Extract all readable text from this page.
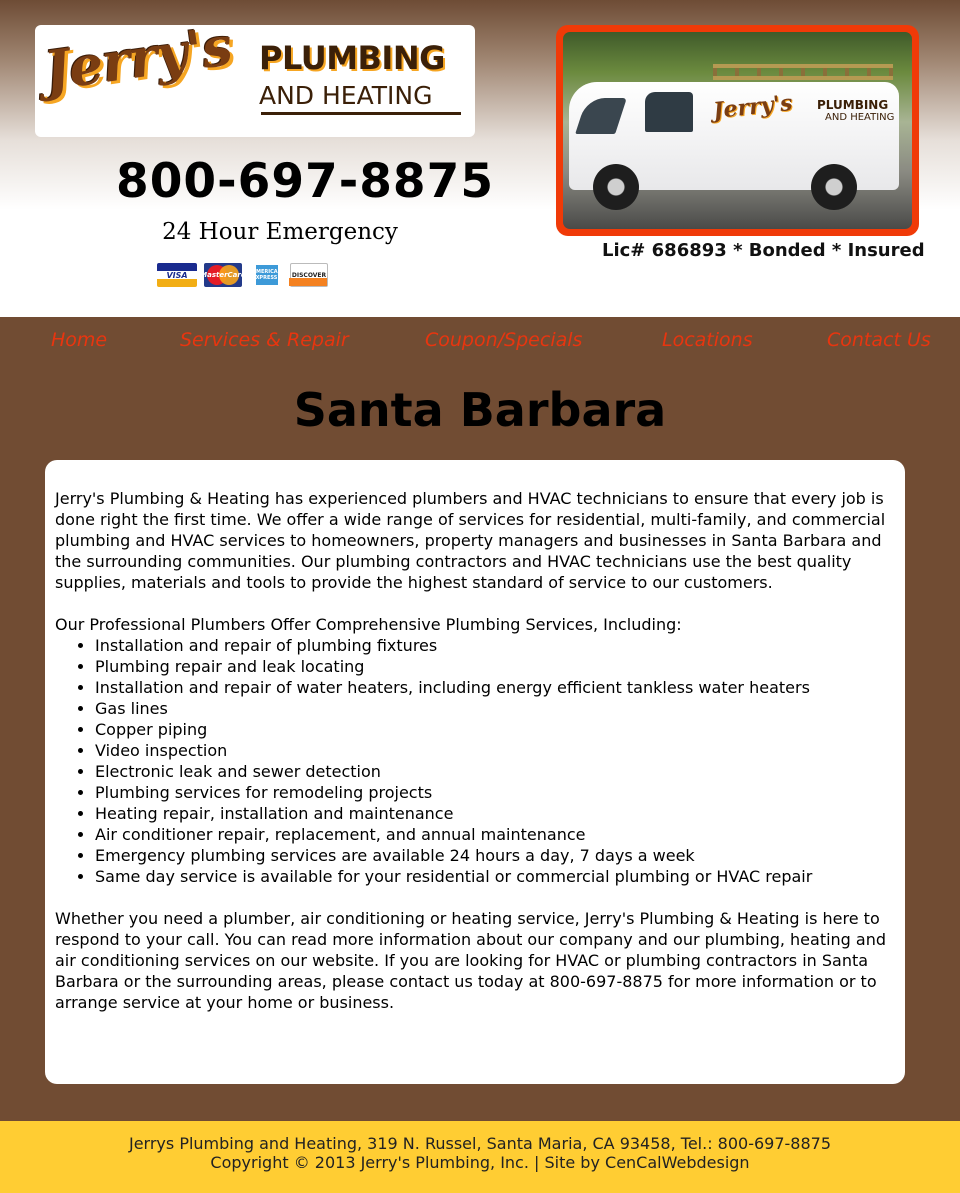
Jerry's PLUMBING
AND HEATING
800-697-8875
24 Hour Emergency
VISA MasterCard AMERICAN EXPRESS	DISCOVER
Jerry's PLUMBING
AND HEATING
Lic# 686893 * Bonded * Insured
Home	Services & Repair	Coupon/Specials	Locations	Contact Us
Santa Barbara

Jerry's Plumbing & Heating has experienced plumbers and HVAC technicians to ensure that every job is done right the first time. We offer a wide range of services for residential, multi-family, and commercial plumbing and HVAC services to homeowners, property managers and businesses in Santa Barbara and the surrounding communities. Our plumbing contractors and HVAC technicians use the best quality supplies, materials and tools to provide the highest standard of service to our customers.

Our Professional Plumbers Offer Comprehensive Plumbing Services, Including:

• Installation and repair of plumbing fixtures
• Plumbing repair and leak locating
• Installation and repair of water heaters, including energy efficient tankless water heaters
• Gas lines
• Copper piping
• Video inspection
• Electronic leak and sewer detection
• Plumbing services for remodeling projects
• Heating repair, installation and maintenance
• Air conditioner repair, replacement, and annual maintenance
• Emergency plumbing services are available 24 hours a day, 7 days a week
• Same day service is available for your residential or commercial plumbing or HVAC repair

Whether you need a plumber, air conditioning or heating service, Jerry's Plumbing & Heating is here to respond to your call. You can read more information about our company and our plumbing, heating and air conditioning services on our website. If you are looking for HVAC or plumbing contractors in Santa Barbara or the surrounding areas, please contact us today at 800-697-8875 for more information or to arrange service at your home or business.

Jerrys Plumbing and Heating, 319 N. Russel, Santa Maria, CA 93458, Tel.: 800-697-8875
Copyright © 2013 Jerry's Plumbing, Inc. | Site by CenCalWebdesign
